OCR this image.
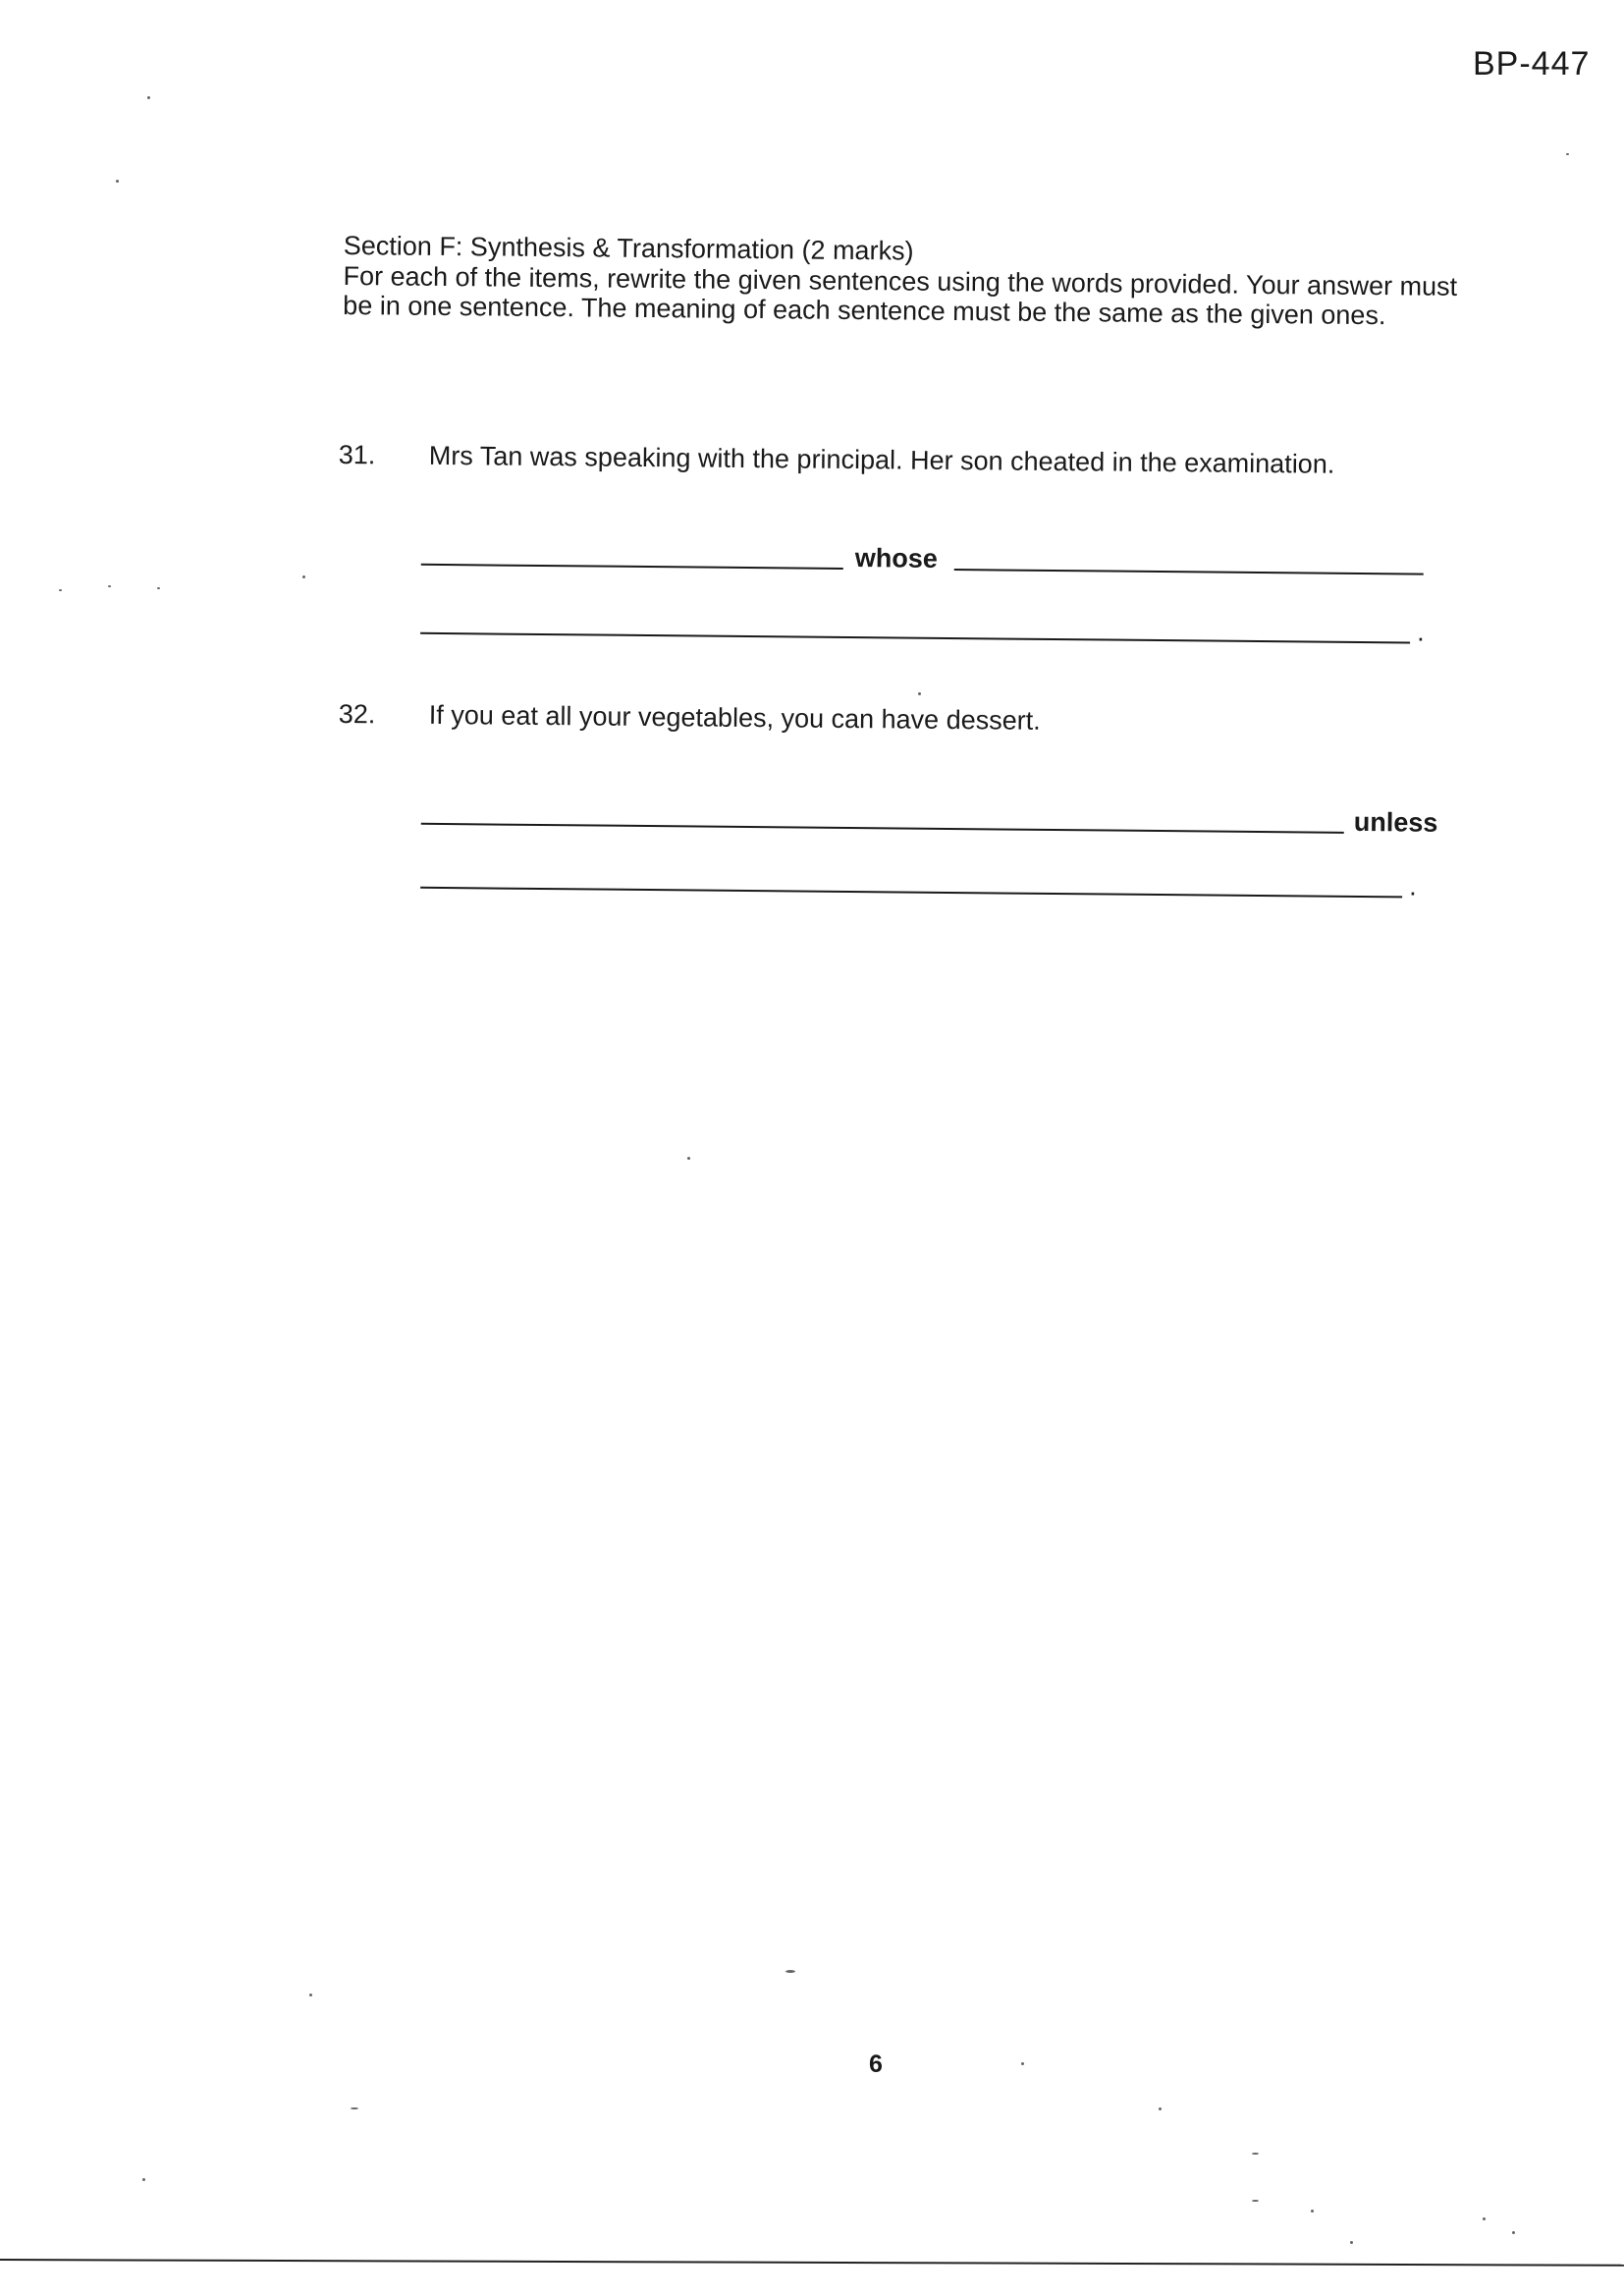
BP-447
Section F: Synthesis & Transformation (2 marks)

For each of the items, rewrite the given sentences using the words provided. Your answer must be in one sentence. The meaning of each sentence must be the same as the given ones.

31. Mrs Tan was speaking with the principal. Her son cheated in the examination.
whose
.
32. If you eat all your vegetables, you can have dessert.
unless
.
6
